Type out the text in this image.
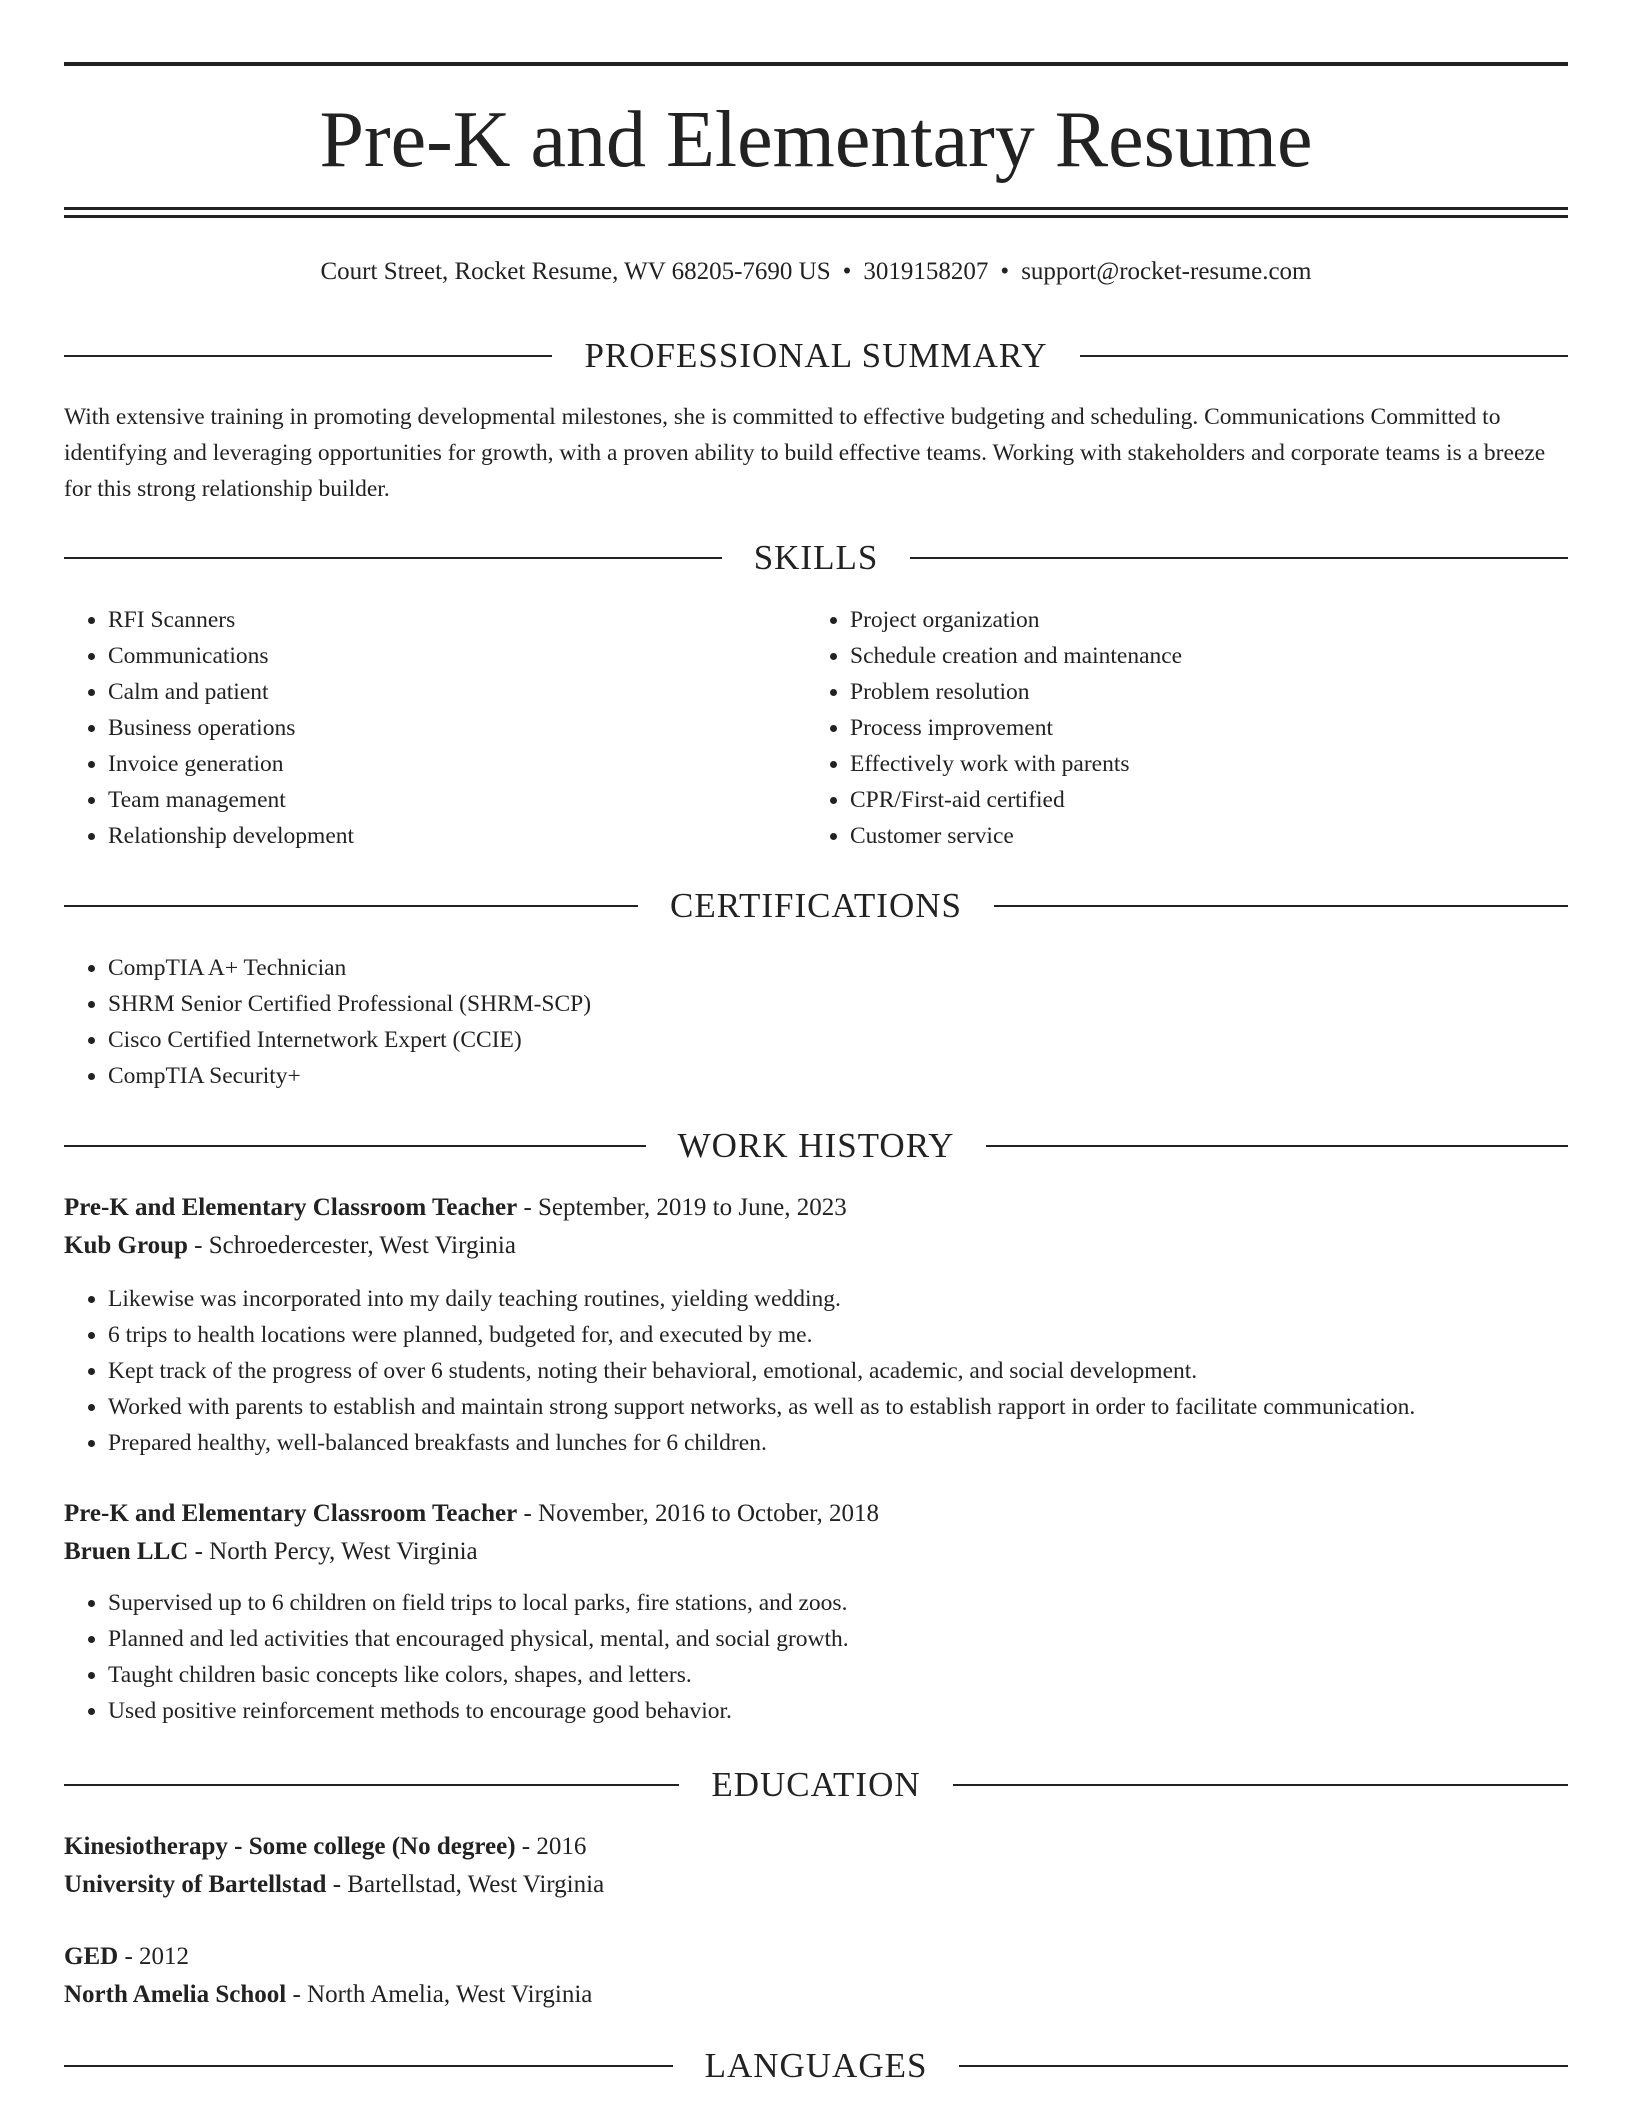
Pre-K and Elementary Resume
Court Street, Rocket Resume, WV 68205-7690 US • 3019158207 • support@rocket-resume.com
PROFESSIONAL SUMMARY

With extensive training in promoting developmental milestones, she is committed to effective budgeting and scheduling. Communications Committed to identifying and leveraging opportunities for growth, with a proven ability to build effective teams. Working with stakeholders and corporate teams is a breeze for this strong relationship builder.

SKILLS
• RFI Scanners
• Communications
• Calm and patient
• Business operations
• Invoice generation
• Team management
• Relationship development
• Project organization
• Schedule creation and maintenance
• Problem resolution
• Process improvement
• Effectively work with parents
• CPR/First-aid certified
• Customer service
CERTIFICATIONS
• CompTIA A+ Technician
• SHRM Senior Certified Professional (SHRM-SCP)
• Cisco Certified Internetwork Expert (CCIE)
• CompTIA Security+
WORK HISTORY
Pre-K and Elementary Classroom Teacher - September, 2019 to June, 2023
Kub Group - Schroedercester, West Virginia
• Likewise was incorporated into my daily teaching routines, yielding wedding.
• 6 trips to health locations were planned, budgeted for, and executed by me.
• Kept track of the progress of over 6 students, noting their behavioral, emotional, academic, and social development.
• Worked with parents to establish and maintain strong support networks, as well as to establish rapport in order to facilitate communication.
• Prepared healthy, well-balanced breakfasts and lunches for 6 children.
Pre-K and Elementary Classroom Teacher - November, 2016 to October, 2018
Bruen LLC - North Percy, West Virginia
• Supervised up to 6 children on field trips to local parks, fire stations, and zoos.
• Planned and led activities that encouraged physical, mental, and social growth.
• Taught children basic concepts like colors, shapes, and letters.
• Used positive reinforcement methods to encourage good behavior.
EDUCATION
Kinesiotherapy - Some college (No degree) - 2016
University of Bartellstad - Bartellstad, West Virginia
GED - 2012
North Amelia School - North Amelia, West Virginia
LANGUAGES
